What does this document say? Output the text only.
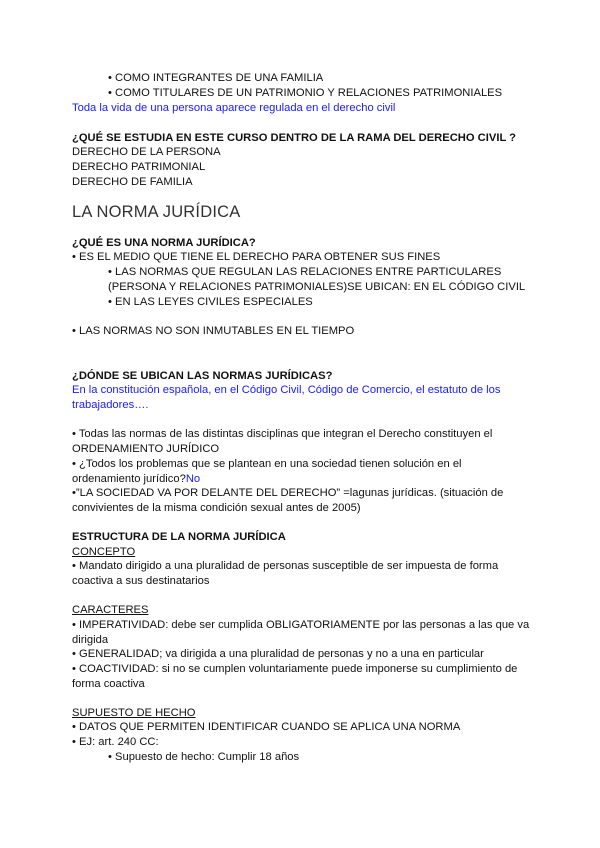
• COMO INTEGRANTES DE UNA FAMILIA
• COMO TITULARES DE UN PATRIMONIO Y RELACIONES PATRIMONIALES
Toda la vida de una persona aparece regulada en el derecho civil
¿QUÉ SE ESTUDIA EN ESTE CURSO DENTRO DE LA RAMA DEL DERECHO CIVIL ?
DERECHO DE LA PERSONA
DERECHO PATRIMONIAL
DERECHO DE FAMILIA
LA NORMA JURÍDICA
¿QUÉ ES UNA NORMA JURÍDICA?
• ES EL MEDIO QUE TIENE EL DERECHO PARA OBTENER SUS FINES
• LAS NORMAS QUE REGULAN LAS RELACIONES ENTRE PARTICULARES
(PERSONA Y RELACIONES PATRIMONIALES)SE UBICAN: EN EL CÓDIGO CIVIL
• EN LAS LEYES CIVILES ESPECIALES
• LAS NORMAS NO SON INMUTABLES EN EL TIEMPO
¿DÓNDE SE UBICAN LAS NORMAS JURÍDICAS?
En la constitución española, en el Código Civil, Código de Comercio, el estatuto de los
trabajadores….
• Todas las normas de las distintas disciplinas que integran el Derecho constituyen el
ORDENAMIENTO JURÍDICO
• ¿Todos los problemas que se plantean en una sociedad tienen solución en el
ordenamiento jurídico?No
•”LA SOCIEDAD VA POR DELANTE DEL DERECHO” =lagunas jurídicas. (situación de
convivientes de la misma condición sexual antes de 2005)
ESTRUCTURA DE LA NORMA JURÍDICA
CONCEPTO
• Mandato dirigido a una pluralidad de personas susceptible de ser impuesta de forma
coactiva a sus destinatarios
CARACTERES
• IMPERATIVIDAD: debe ser cumplida OBLIGATORIAMENTE por las personas a las que va
dirigida
• GENERALIDAD; va dirigida a una pluralidad de personas y no a una en particular
• COACTIVIDAD: si no se cumplen voluntariamente puede imponerse su cumplimiento de
forma coactiva
SUPUESTO DE HECHO
• DATOS QUE PERMITEN IDENTIFICAR CUANDO SE APLICA UNA NORMA
• EJ: art. 240 CC:
• Supuesto de hecho: Cumplir 18 años
